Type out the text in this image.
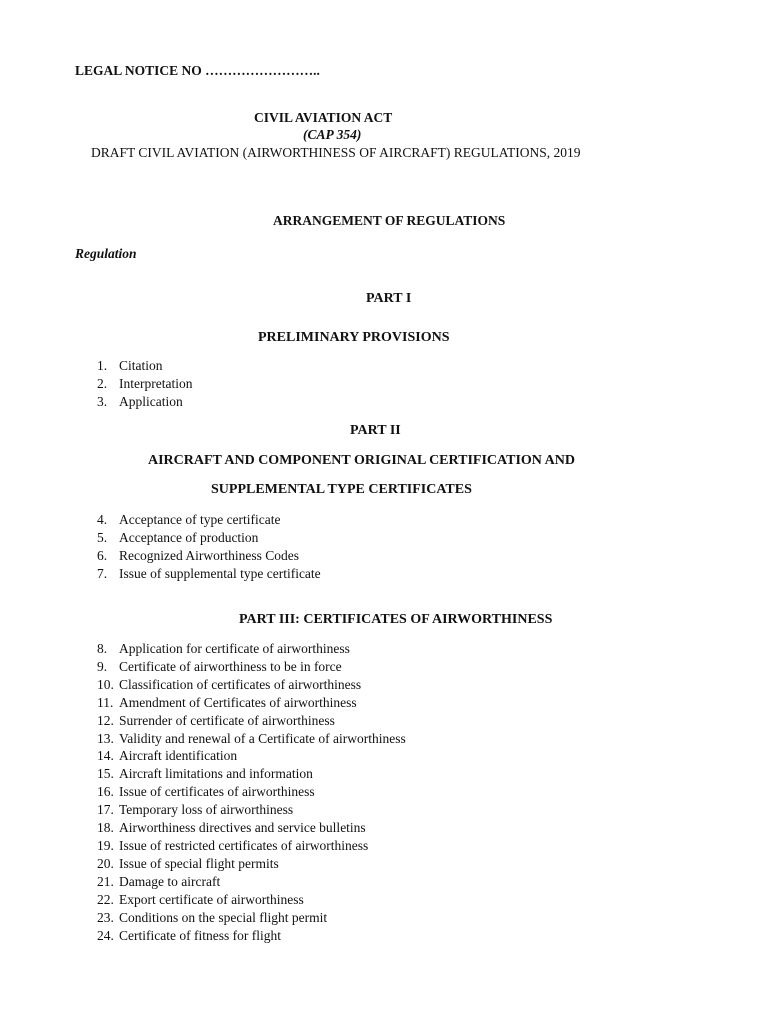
LEGAL NOTICE NO ……………………..
CIVIL AVIATION ACT
(CAP 354)
DRAFT CIVIL AVIATION (AIRWORTHINESS OF AIRCRAFT) REGULATIONS, 2019
ARRANGEMENT OF REGULATIONS
Regulation
PART I
PRELIMINARY PROVISIONS
1. Citation
2. Interpretation
3. Application
PART II
AIRCRAFT AND COMPONENT ORIGINAL CERTIFICATION AND
SUPPLEMENTAL TYPE CERTIFICATES
4. Acceptance of type certificate
5. Acceptance of production
6. Recognized Airworthiness Codes
7. Issue of supplemental type certificate
PART III: CERTIFICATES OF AIRWORTHINESS
8. Application for certificate of airworthiness
9. Certificate of airworthiness to be in force
10. Classification of certificates of airworthiness
11. Amendment of Certificates of airworthiness
12. Surrender of certificate of airworthiness
13. Validity and renewal of a Certificate of airworthiness
14. Aircraft identification
15. Aircraft limitations and information
16. Issue of certificates of airworthiness
17. Temporary loss of airworthiness
18. Airworthiness directives and service bulletins
19. Issue of restricted certificates of airworthiness
20. Issue of special flight permits
21. Damage to aircraft
22. Export certificate of airworthiness
23. Conditions on the special flight permit
24. Certificate of fitness for flight
